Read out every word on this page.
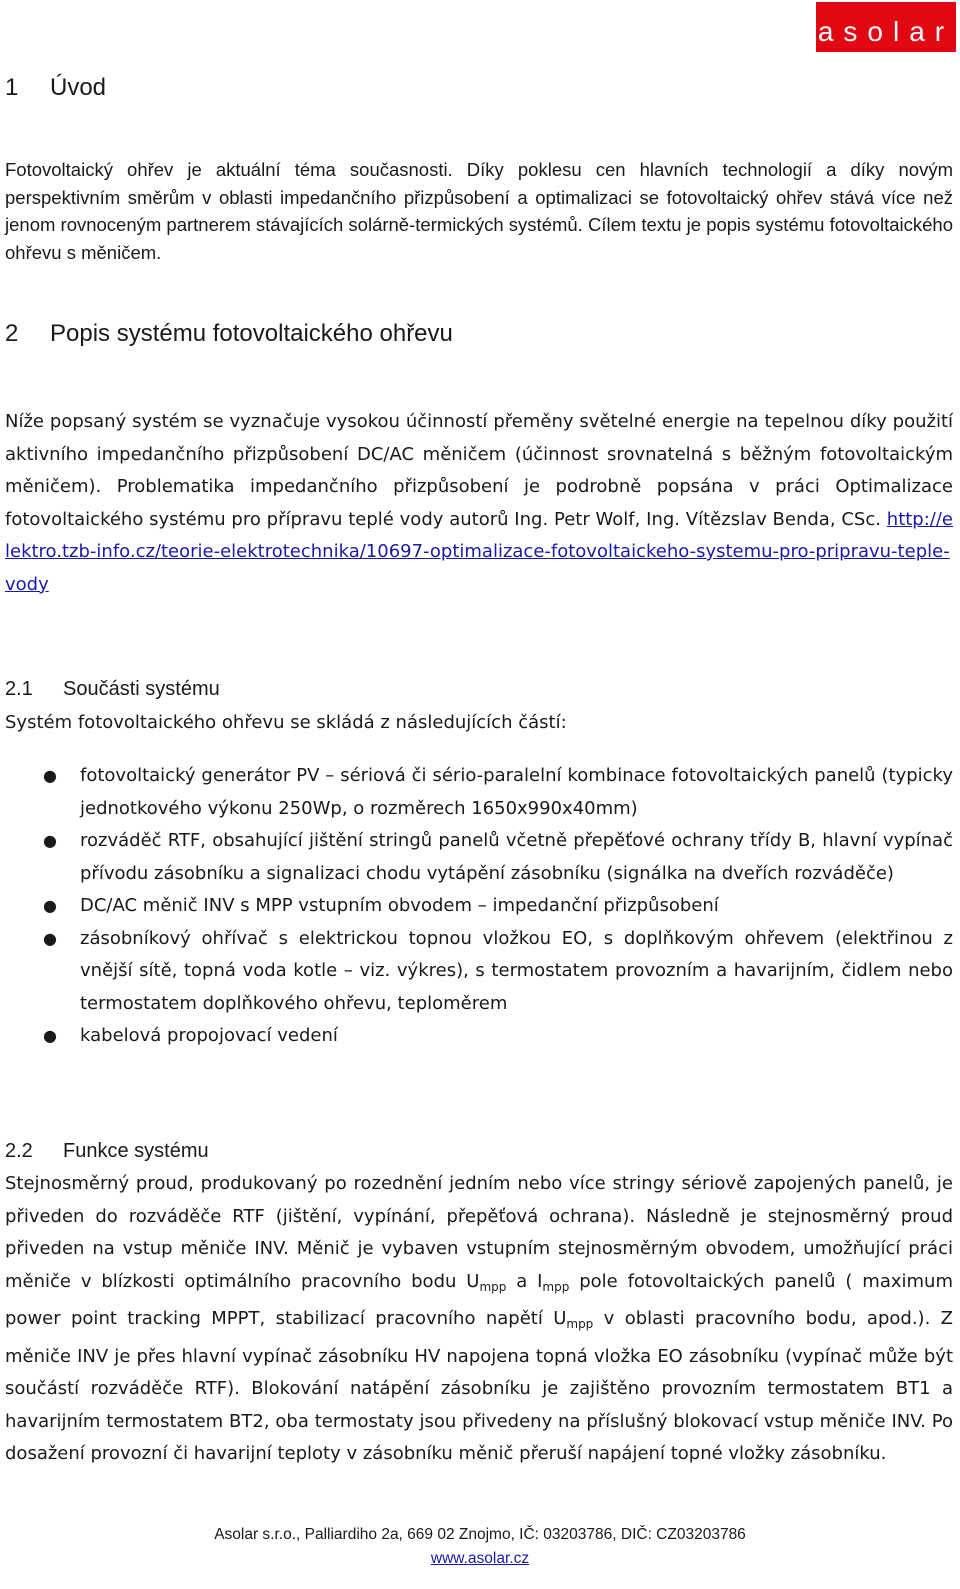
asolar
1 Úvod

Fotovoltaický ohřev je aktuální téma současnosti. Díky poklesu cen hlavních technologií a díky novým perspektivním směrům v oblasti impedančního přizpůsobení a optimalizaci se fotovoltaický ohřev stává více než jenom rovnoceným partnerem stávajících solárně-termických systémů. Cílem textu je popis systému fotovoltaického ohřevu s měničem.

2 Popis systému fotovoltaického ohřevu

Níže popsaný systém se vyznačuje vysokou účinností přeměny světelné energie na tepelnou díky použití aktivního impedančního přizpůsobení DC/AC měničem (účinnost srovnatelná s běžným fotovoltaickým měničem). Problematika impedančního přizpůsobení je podrobně popsána v práci Optimalizace fotovoltaického systému pro přípravu teplé vody autorů Ing. Petr Wolf, Ing. Vítězslav Benda, CSc. http://elektro.tzb-info.cz/teorie-elektrotechnika/10697-optimalizace-fotovoltaickeho-systemu-pro-pripravu-teple-vody

2.1 Součásti systému

Systém fotovoltaického ohřevu se skládá z následujících částí:

● fotovoltaický generátor PV – sériová či sério-paralelní kombinace fotovoltaických panelů (typicky jednotkového výkonu 250Wp, o rozměrech 1650x990x40mm)
● rozváděč RTF, obsahující jištění stringů panelů včetně přepěťové ochrany třídy B, hlavní vypínač přívodu zásobníku a signalizaci chodu vytápění zásobníku (signálka na dveřích rozváděče)
● DC/AC měnič INV s MPP vstupním obvodem – impedanční přizpůsobení
● zásobníkový ohřívač s elektrickou topnou vložkou EO, s doplňkovým ohřevem (elektřinou z vnější sítě, topná voda kotle – viz. výkres), s termostatem provozním a havarijním, čidlem nebo termostatem doplňkového ohřevu, teploměrem
● kabelová propojovací vedení
2.2 Funkce systému

Stejnosměrný proud, produkovaný po rozednění jedním nebo více stringy sériově zapojených panelů, je přiveden do rozváděče RTF (jištění, vypínání, přepěťová ochrana). Následně je stejnosměrný proud přiveden na vstup měniče INV. Měnič je vybaven vstupním stejnosměrným obvodem, umožňující práci měniče v blízkosti optimálního pracovního bodu $U_{mpp}$ a $I_{mpp}$ pole fotovoltaických panelů ( maximum power point tracking MPPT, stabilizací pracovního napětí $U_{mpp}$ v oblasti pracovního bodu, apod.). Z měniče INV je přes hlavní vypínač zásobníku HV napojena topná vložka EO zásobníku (vypínač může být součástí rozváděče RTF). Blokování natápění zásobníku je zajištěno provozním termostatem BT1 a havarijním termostatem BT2, oba termostaty jsou přivedeny na příslušný blokovací vstup měniče INV. Po dosažení provozní či havarijní teploty v zásobníku měnič přeruší napájení topné vložky zásobníku.

Asolar s.r.o., Palliardiho 2a, 669 02 Znojmo, IČ: 03203786, DIČ: CZ03203786
www.asolar.cz
